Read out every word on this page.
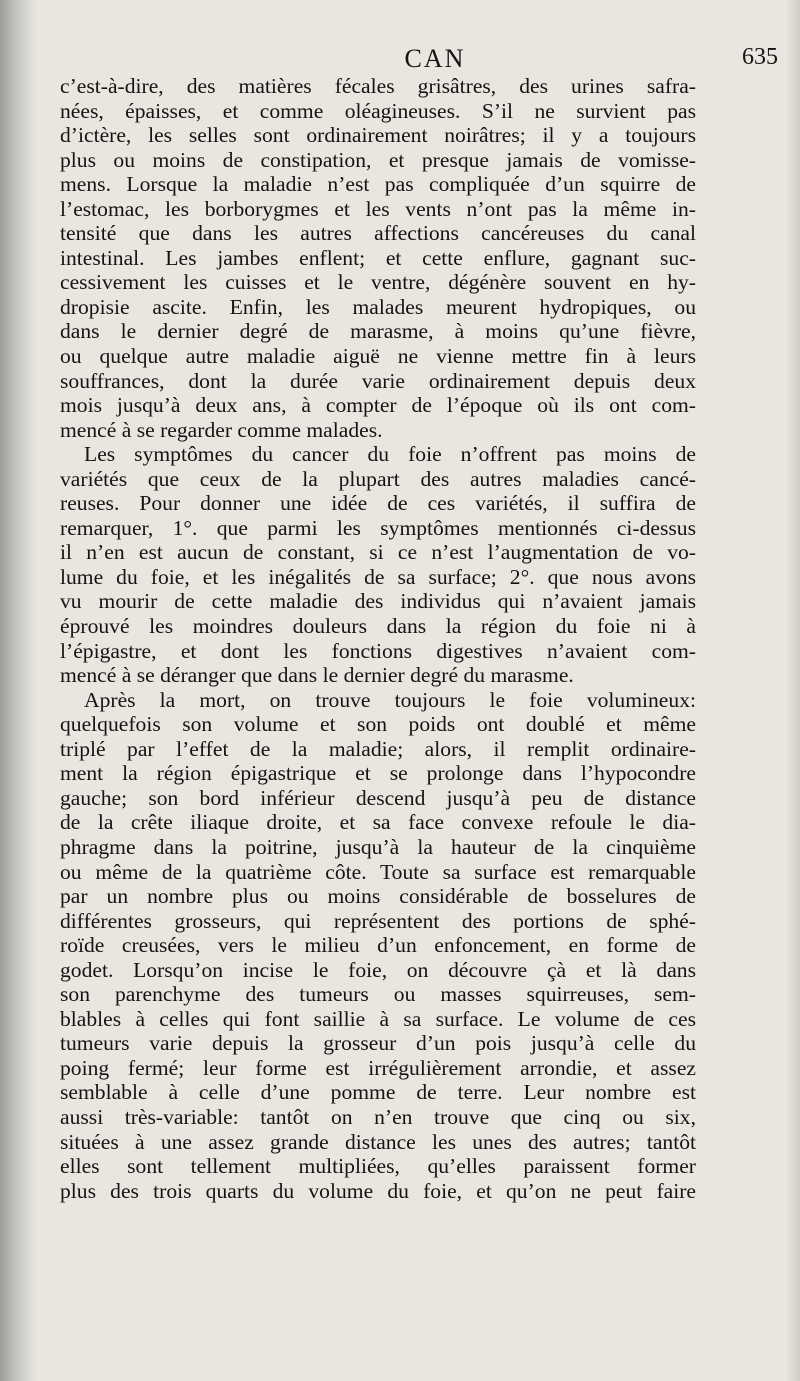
CAN	635
c’est-à-dire, des matières fécales grisâtres, des urines safra-
nées, épaisses, et comme oléagineuses. S’il ne survient pas
d’ictère, les selles sont ordinairement noirâtres; il y a toujours
plus ou moins de constipation, et presque jamais de vomisse-
mens. Lorsque la maladie n’est pas compliquée d’un squirre de
l’estomac, les borborygmes et les vents n’ont pas la même in-
tensité que dans les autres affections cancéreuses du canal
intestinal. Les jambes enflent; et cette enflure, gagnant suc-
cessivement les cuisses et le ventre, dégénère souvent en hy-
dropisie ascite. Enfin, les malades meurent hydropiques, ou
dans le dernier degré de marasme, à moins qu’une fièvre,
ou quelque autre maladie aiguë ne vienne mettre fin à leurs
souffrances, dont la durée varie ordinairement depuis deux
mois jusqu’à deux ans, à compter de l’époque où ils ont com-
mencé à se regarder comme malades.
Les symptômes du cancer du foie n’offrent pas moins de
variétés que ceux de la plupart des autres maladies cancé-
reuses. Pour donner une idée de ces variétés, il suffira de
remarquer, 1°. que parmi les symptômes mentionnés ci-dessus
il n’en est aucun de constant, si ce n’est l’augmentation de vo-
lume du foie, et les inégalités de sa surface; 2°. que nous avons
vu mourir de cette maladie des individus qui n’avaient jamais
éprouvé les moindres douleurs dans la région du foie ni à
l’épigastre, et dont les fonctions digestives n’avaient com-
mencé à se déranger que dans le dernier degré du marasme.
Après la mort, on trouve toujours le foie volumineux:
quelquefois son volume et son poids ont doublé et même
triplé par l’effet de la maladie; alors, il remplit ordinaire-
ment la région épigastrique et se prolonge dans l’hypocondre
gauche; son bord inférieur descend jusqu’à peu de distance
de la crête iliaque droite, et sa face convexe refoule le dia-
phragme dans la poitrine, jusqu’à la hauteur de la cinquième
ou même de la quatrième côte. Toute sa surface est remarquable
par un nombre plus ou moins considérable de bosselures de
différentes grosseurs, qui représentent des portions de sphé-
roïde creusées, vers le milieu d’un enfoncement, en forme de
godet. Lorsqu’on incise le foie, on découvre çà et là dans
son parenchyme des tumeurs ou masses squirreuses, sem-
blables à celles qui font saillie à sa surface. Le volume de ces
tumeurs varie depuis la grosseur d’un pois jusqu’à celle du
poing fermé; leur forme est irrégulièrement arrondie, et assez
semblable à celle d’une pomme de terre. Leur nombre est
aussi très-variable: tantôt on n’en trouve que cinq ou six,
situées à une assez grande distance les unes des autres; tantôt
elles sont tellement multipliées, qu’elles paraissent former
plus des trois quarts du volume du foie, et qu’on ne peut faire
